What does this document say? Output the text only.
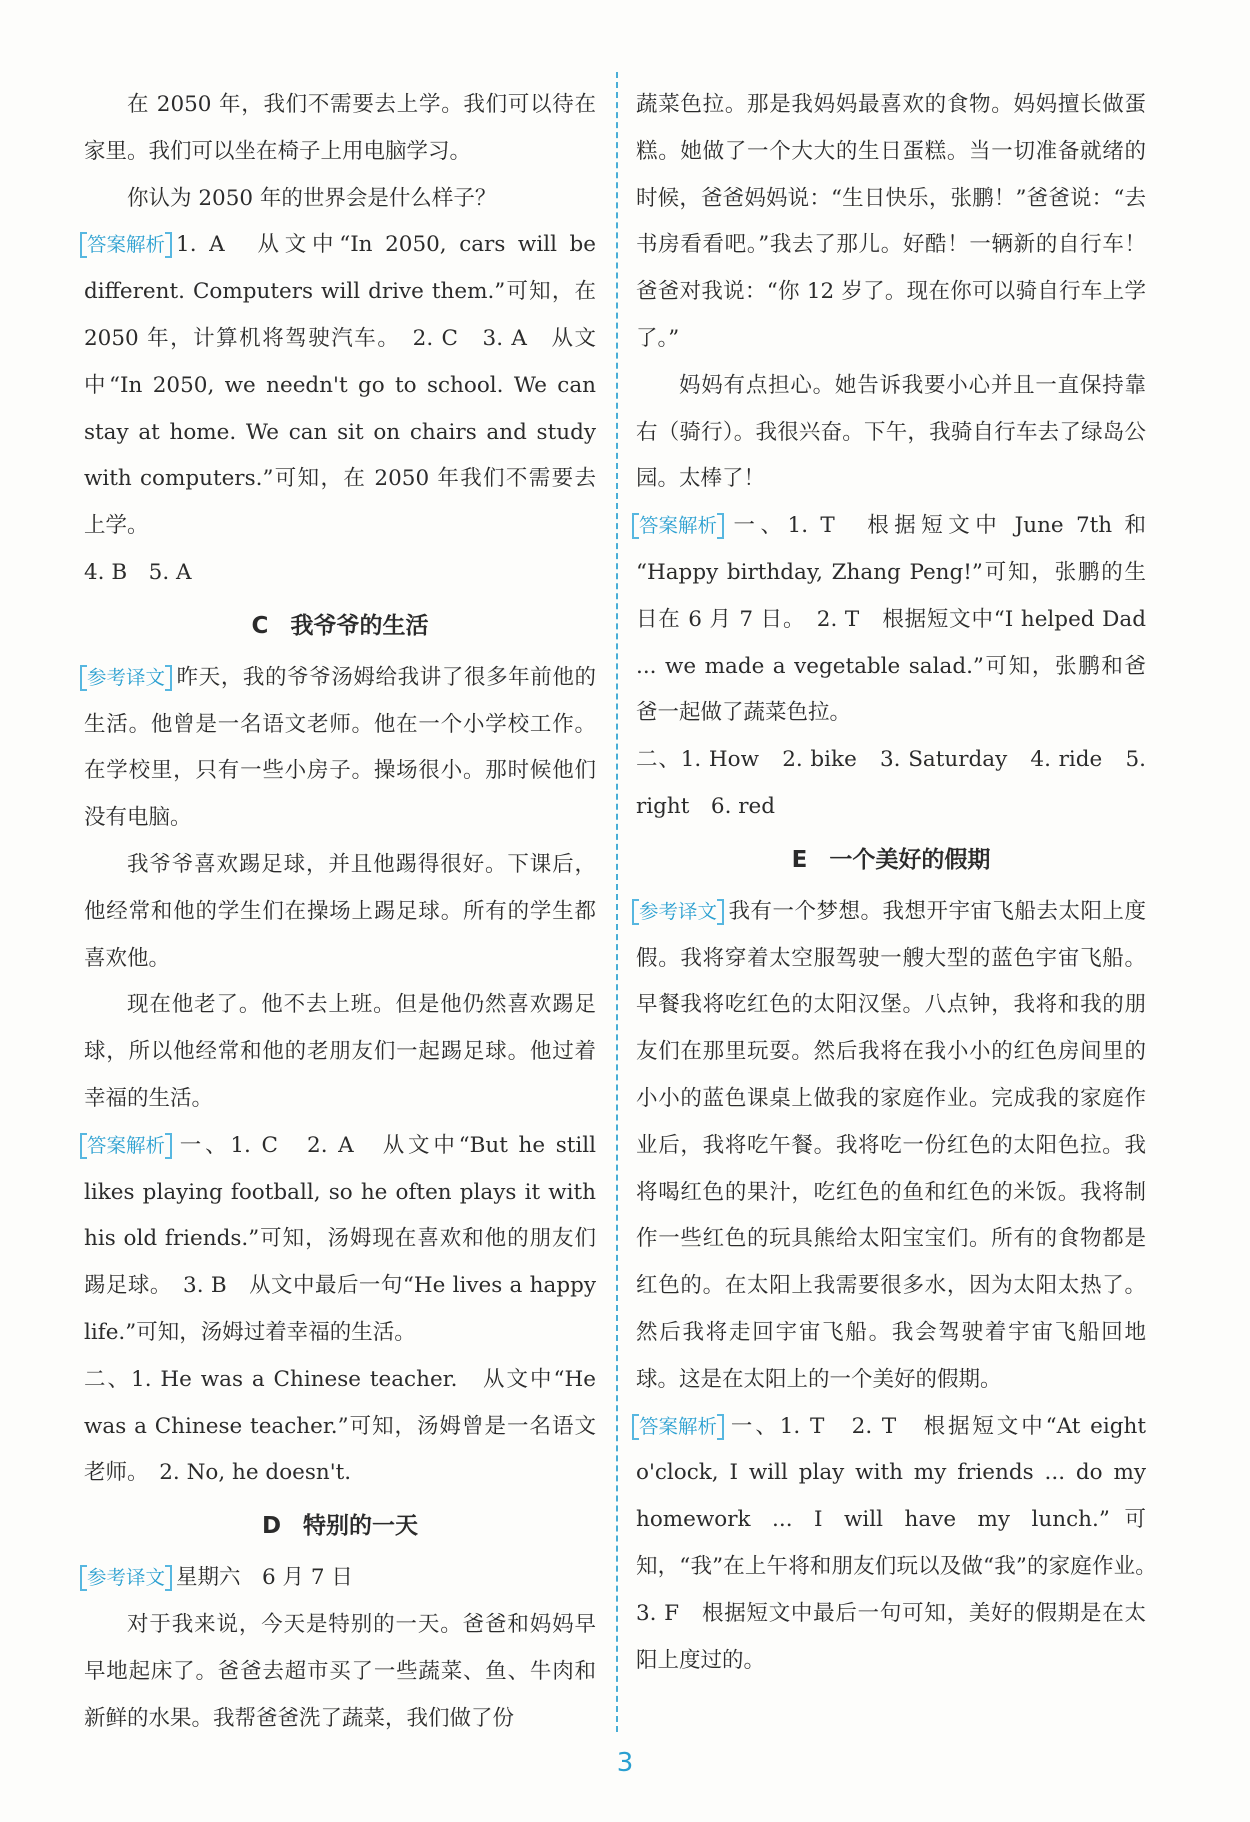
在 2050 年，我们不需要去上学。我们可以待在家里。我们可以坐在椅子上用电脑学习。

你认为 2050 年的世界会是什么样子？

答案解析 1. A　从文中“In 2050, cars will be different. Computers will drive them.”可知，在 2050 年，计算机将驾驶汽车。　2. C　3. A　从文中“In 2050, we needn't go to school. We can stay at home. We can sit on chairs and study with computers.”可知，在 2050 年我们不需要去上学。

4. B　5. A

C 我爷爷的生活

参考译文 昨天，我的爷爷汤姆给我讲了很多年前他的生活。他曾是一名语文老师。他在一个小学校工作。在学校里，只有一些小房子。操场很小。那时候他们没有电脑。

我爷爷喜欢踢足球，并且他踢得很好。下课后，他经常和他的学生们在操场上踢足球。所有的学生都喜欢他。

现在他老了。他不去上班。但是他仍然喜欢踢足球，所以他经常和他的老朋友们一起踢足球。他过着幸福的生活。

答案解析 一、1. C　2. A　从文中“But he still likes playing football, so he often plays it with his old friends.”可知，汤姆现在喜欢和他的朋友们踢足球。　3. B　从文中最后一句“He lives a happy life.”可知，汤姆过着幸福的生活。

二、1. He was a Chinese teacher.　从文中“He was a Chinese teacher.”可知，汤姆曾是一名语文老师。　2. No, he doesn't.

D 特别的一天

参考译文 星期六　6 月 7 日

对于我来说，今天是特别的一天。爸爸和妈妈早早地起床了。爸爸去超市买了一些蔬菜、鱼、牛肉和新鲜的水果。我帮爸爸洗了蔬菜，我们做了份

蔬菜色拉。那是我妈妈最喜欢的食物。妈妈擅长做蛋糕。她做了一个大大的生日蛋糕。当一切准备就绪的时候，爸爸妈妈说：“生日快乐，张鹏！”爸爸说：“去书房看看吧。”我去了那儿。好酷！一辆新的自行车！爸爸对我说：“你 12 岁了。现在你可以骑自行车上学了。”

妈妈有点担心。她告诉我要小心并且一直保持靠右（骑行）。我很兴奋。下午，我骑自行车去了绿岛公园。太棒了！

答案解析 一、1. T　根据短文中 June 7th 和 “Happy birthday, Zhang Peng!”可知，张鹏的生日在 6 月 7 日。　2. T　根据短文中“I helped Dad ... we made a vegetable salad.”可知，张鹏和爸爸一起做了蔬菜色拉。

二、1. How　2. bike　3. Saturday　4. ride　5. right　6. red

E 一个美好的假期

参考译文 我有一个梦想。我想开宇宙飞船去太阳上度假。我将穿着太空服驾驶一艘大型的蓝色宇宙飞船。早餐我将吃红色的太阳汉堡。八点钟，我将和我的朋友们在那里玩耍。然后我将在我小小的红色房间里的小小的蓝色课桌上做我的家庭作业。完成我的家庭作业后，我将吃午餐。我将吃一份红色的太阳色拉。我将喝红色的果汁，吃红色的鱼和红色的米饭。我将制作一些红色的玩具熊给太阳宝宝们。所有的食物都是红色的。在太阳上我需要很多水，因为太阳太热了。然后我将走回宇宙飞船。我会驾驶着宇宙飞船回地球。这是在太阳上的一个美好的假期。

答案解析 一、1. T　2. T　根据短文中“At eight o'clock, I will play with my friends ... do my homework ... I will have my lunch.”可知，“我”在上午将和朋友们玩以及做“我”的家庭作业。　3. F　根据短文中最后一句可知，美好的假期是在太阳上度过的。

3
